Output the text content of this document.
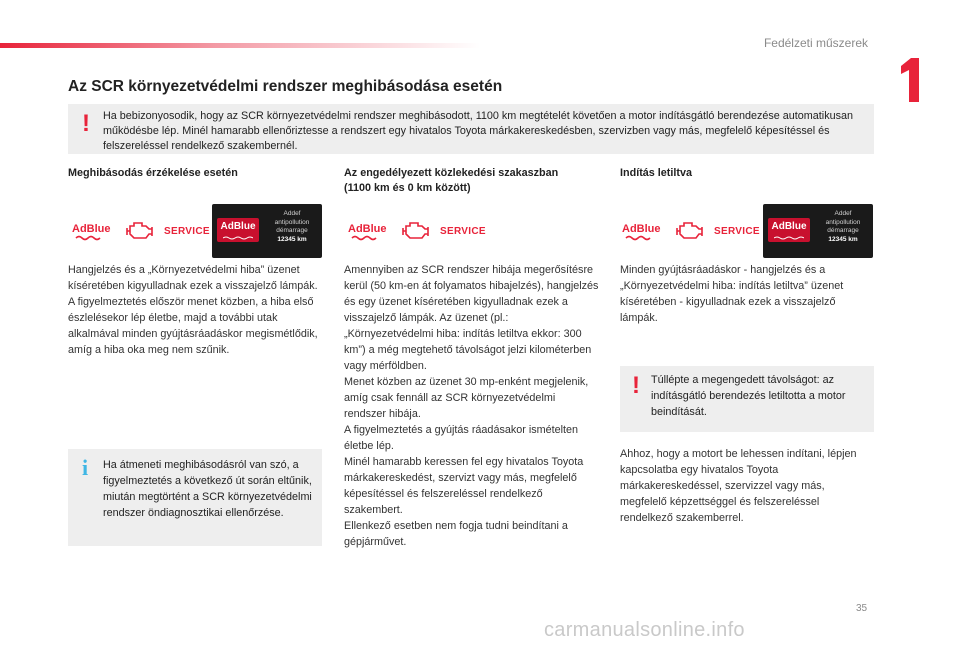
Fedélzeti műszerek
Az SCR környezetvédelmi rendszer meghibásodása esetén
! Ha bebizonyosodik, hogy az SCR környezetvédelmi rendszer meghibásodott, 1100 km megtételét követően a motor indításgátló berendezése automatikusan működésbe lép. Minél hamarabb ellenőriztesse a rendszert egy hivatalos Toyota márkakereskedésben, szervizben vagy más, megfelelő képesítéssel és felszereléssel rendelkező szakembernél.
Meghibásodás érzékelése esetén
AdBlue	SERVICE	AdBlue
Addef
antipollution
démarrage
12345 km
Hangjelzés és a „Környezetvédelmi hiba” üzenet kíséretében kigyulladnak ezek a visszajelző lámpák.
A figyelmeztetés először menet közben, a hiba első észlelésekor lép életbe, majd a további utak alkalmával minden gyújtásráadáskor megismétlődik, amíg a hiba oka meg nem szűnik.
i Ha átmeneti meghibásodásról van szó, a figyelmeztetés a következő út során eltűnik, miután megtörtént a SCR környezetvédelmi rendszer öndiagnosztikai ellenőrzése.
Az engedélyezett közlekedési szakaszban
(1100 km és 0 km között)
AdBlue	SERVICE
Amennyiben az SCR rendszer hibája megerősítésre kerül (50 km-en át folyamatos hibajelzés), hangjelzés és egy üzenet kíséretében kigyulladnak ezek a visszajelző lámpák. Az üzenet (pl.: „Környezetvédelmi hiba: indítás letiltva ekkor: 300 km”) a még megtehető távolságot jelzi kilométerben vagy mérföldben.
Menet közben az üzenet 30 mp-enként megjelenik, amíg csak fennáll az SCR környezetvédelmi rendszer hibája.
A figyelmeztetés a gyújtás ráadásakor ismételten életbe lép.
Minél hamarabb keressen fel egy hivatalos Toyota márkakereskedést, szervizt vagy más, megfelelő képesítéssel és felszereléssel rendelkező szakembert.
Ellenkező esetben nem fogja tudni beindítani a gépjárművet.
Indítás letiltva
AdBlue	SERVICE	AdBlue
Addef
antipollution
démarrage
12345 km
Minden gyújtásráadáskor - hangjelzés és a „Környezetvédelmi hiba: indítás letiltva” üzenet kíséretében - kigyulladnak ezek a visszajelző lámpák.
! Túllépte a megengedett távolságot: az indításgátló berendezés letiltotta a motor beindítását.
Ahhoz, hogy a motort be lehessen indítani, lépjen kapcsolatba egy hivatalos Toyota márkakereskedéssel, szervizzel vagy más, megfelelő képzettséggel és felszereléssel rendelkező szakemberrel.
35
carmanualsonline.info
